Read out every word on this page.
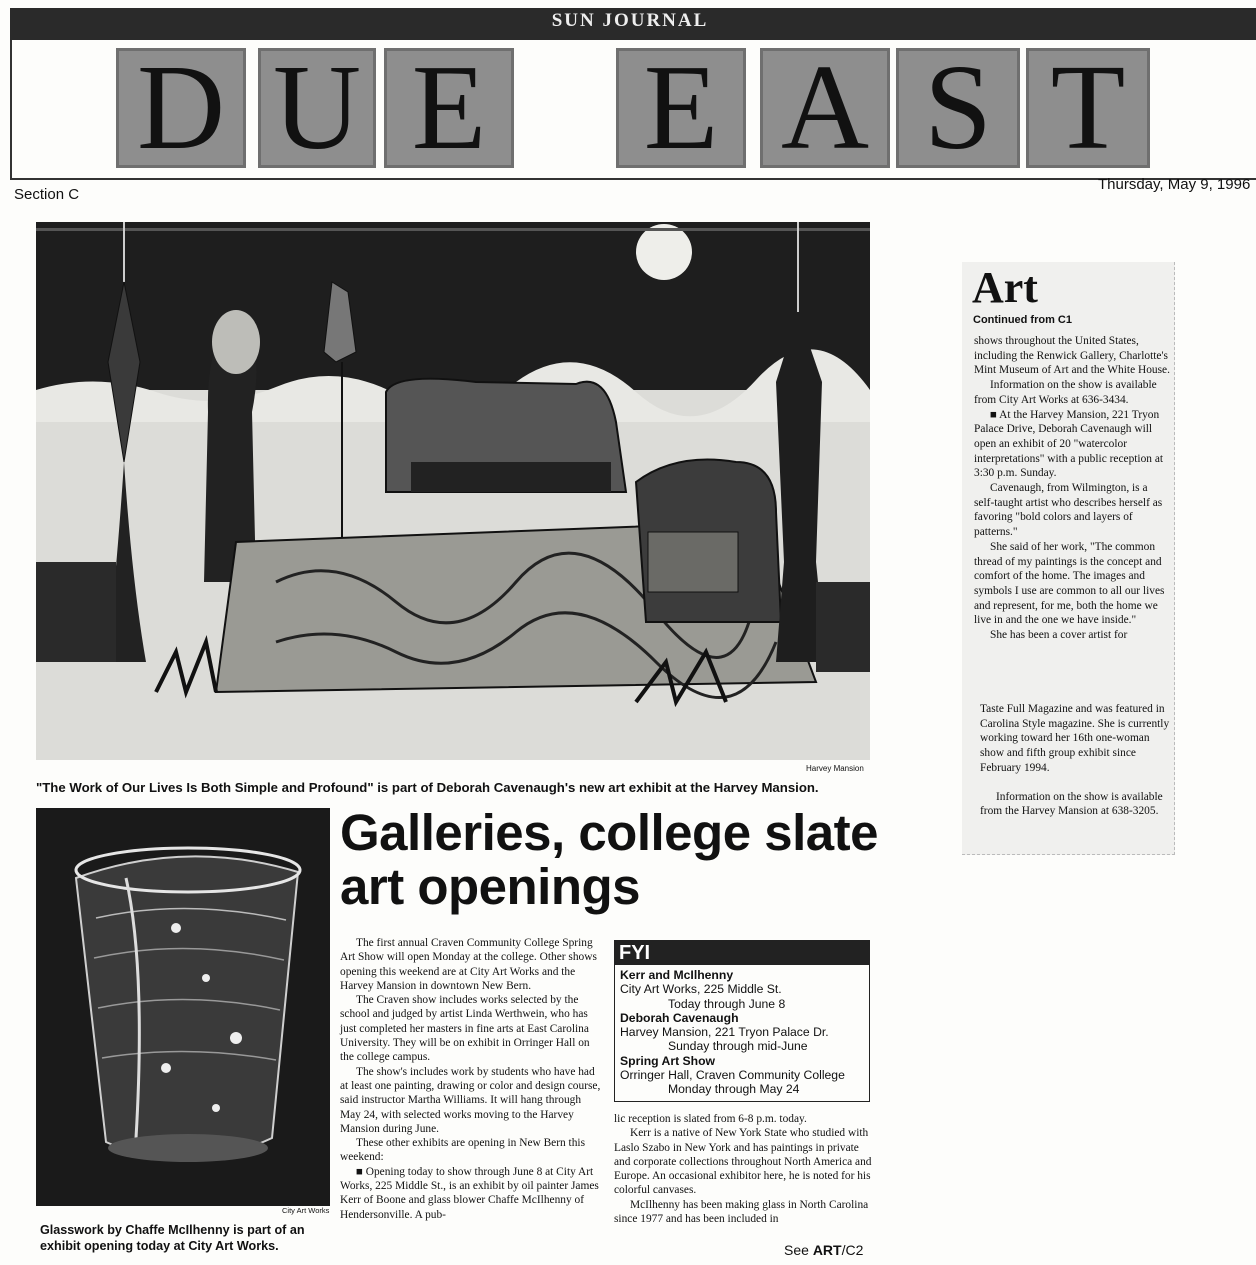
SUN JOURNAL
D U E E A S T
Section C
Thursday, May 9, 1996
Harvey Mansion
"The Work of Our Lives Is Both Simple and Profound" is part of Deborah Cavenaugh's new art exhibit at the Harvey Mansion.
Art
Continued from C1

shows throughout the United States, including the Renwick Gallery, Charlotte's Mint Museum of Art and the White House.

Information on the show is available from City Art Works at 636-3434.

■ At the Harvey Mansion, 221 Tryon Palace Drive, Deborah Cavenaugh will open an exhibit of 20 "watercolor interpretations" with a public reception at 3:30 p.m. Sunday.

Cavenaugh, from Wilmington, is a self-taught artist who describes herself as favoring "bold colors and layers of patterns."

She said of her work, "The common thread of my paintings is the concept and comfort of the home. The images and symbols I use are common to all our lives and represent, for me, both the home we live in and the one we have inside."

She has been a cover artist for

Taste Full Magazine and was featured in Carolina Style magazine. She is currently working toward her 16th one-woman show and fifth group exhibit since February 1994.

Information on the show is available from the Harvey Mansion at 638-3205.

City Art Works
Glasswork by Chaffe McIlhenny is part of an exhibit opening today at City Art Works.
Galleries, college slate art openings

The first annual Craven Community College Spring Art Show will open Monday at the college. Other shows opening this weekend are at City Art Works and the Harvey Mansion in downtown New Bern.

The Craven show includes works selected by the school and judged by artist Linda Werthwein, who has just completed her masters in fine arts at East Carolina University. They will be on exhibit in Orringer Hall on the college campus.

The show's includes work by students who have had at least one painting, drawing or color and design course, said instructor Martha Williams. It will hang through May 24, with selected works moving to the Harvey Mansion during June.

These other exhibits are opening in New Bern this weekend:

■ Opening today to show through June 8 at City Art Works, 225 Middle St., is an exhibit by oil painter James Kerr of Boone and glass blower Chaffe McIlhenny of Hendersonville. A pub-

FYI
Kerr and McIlhenny
City Art Works, 225 Middle St.
Today through June 8
Deborah Cavenaugh
Harvey Mansion, 221 Tryon Palace Dr.
Sunday through mid-June
Spring Art Show
Orringer Hall, Craven Community College
Monday through May 24

lic reception is slated from 6-8 p.m. today.

Kerr is a native of New York State who studied with Laslo Szabo in New York and has paintings in private and corporate collections throughout North America and Europe. An occasional exhibitor here, he is noted for his colorful canvases.

McIlhenny has been making glass in North Carolina since 1977 and has been included in

See ART/C2
